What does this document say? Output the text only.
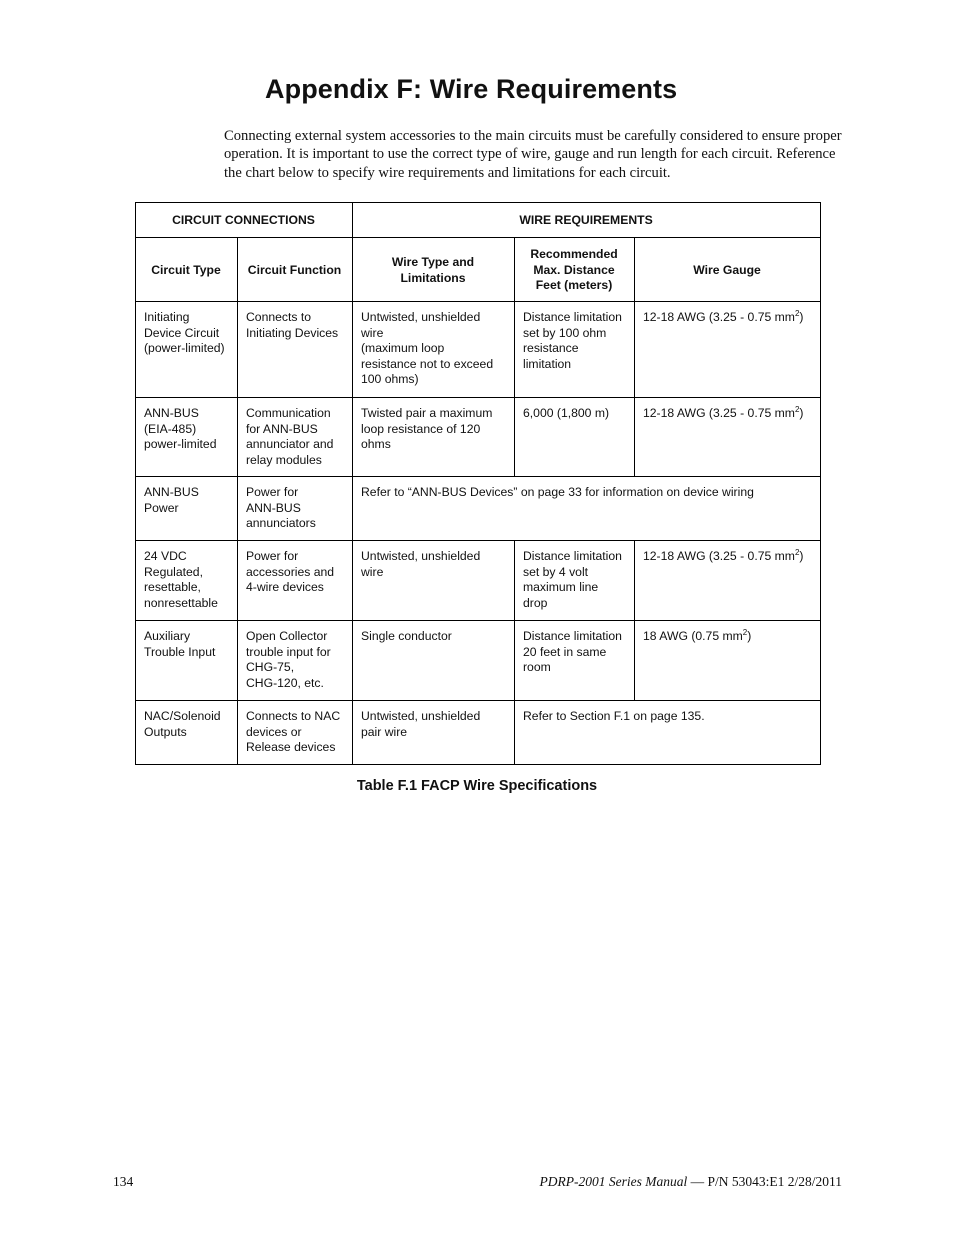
Appendix F: Wire Requirements

Connecting external system accessories to the main circuits must be carefully considered to ensure proper operation. It is important to use the correct type of wire, gauge and run length for each circuit. Reference the chart below to specify wire requirements and limitations for each circuit.

CIRCUIT CONNECTIONS		WIRE REQUIREMENTS		
Circuit Type	Circuit Function	Wire Type and
Limitations	Recommended
Max. Distance
Feet (meters)	Wire Gauge

Initiating
Device Circuit
(power-limited)	Connects to
Initiating Devices	Untwisted, unshielded
wire
(maximum loop
resistance not to exceed
100 ohms)	Distance limitation
set by 100 ohm
resistance
limitation	12-18 AWG (3.25 - 0.75 $mm^2$)

ANN-BUS
(EIA-485)
power-limited	Communication
for ANN-BUS
annunciator and
relay modules	Twisted pair a maximum
loop resistance of 120
ohms	6,000 (1,800 m)	12-18 AWG (3.25 - 0.75 $mm^2$)

ANN-BUS
Power	Power for
ANN-BUS
annunciators	Refer to “ANN-BUS Devices” on page 33 for information on device wiring		

24 VDC
Regulated,
resettable,
nonresettable	Power for
accessories and
4-wire devices	Untwisted, unshielded
wire	Distance limitation
set by 4 volt
maximum line
drop	12-18 AWG (3.25 - 0.75 $mm^2$)

Auxiliary
Trouble Input	Open Collector
trouble input for
CHG-75,
CHG-120, etc.	Single conductor	Distance limitation
20 feet in same
room	18 AWG (0.75 $mm^2$)

NAC/Solenoid
Outputs	Connects to NAC
devices or
Release devices	Untwisted, unshielded
pair wire	Refer to Section F.1 on page 135.	
Table F.1 FACP Wire Specifications
134	PDRP-2001 Series Manual — P/N 53043:E1 2/28/2011
